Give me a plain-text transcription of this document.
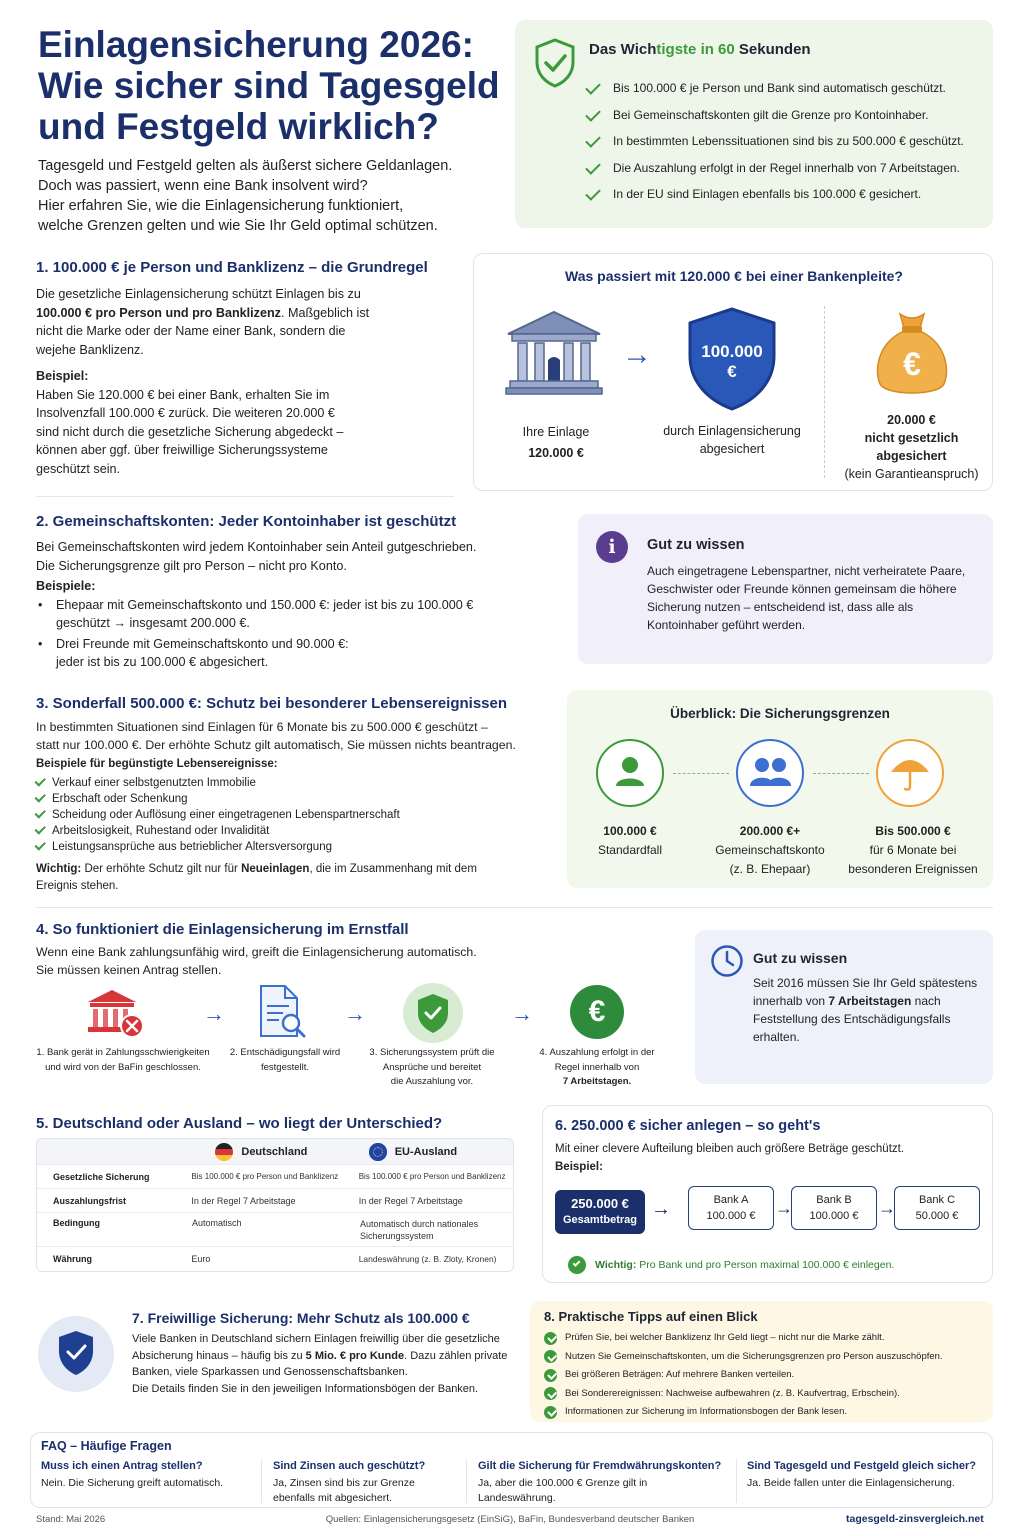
Einlagensicherung 2026:
Wie sicher sind Tagesgeld
und Festgeld wirklich?
Tagesgeld und Festgeld gelten als äußerst sichere Geldanlagen.
Doch was passiert, wenn eine Bank insolvent wird?
Hier erfahren Sie, wie die Einlagensicherung funktioniert,
welche Grenzen gelten und wie Sie Ihr Geld optimal schützen.
Das Wichtigste in 60 Sekunden
Bis 100.000 € je Person und Bank sind automatisch geschützt.
Bei Gemeinschaftskonten gilt die Grenze pro Kontoinhaber.
In bestimmten Lebenssituationen sind bis zu 500.000 € geschützt.
Die Auszahlung erfolgt in der Regel innerhalb von 7 Arbeitstagen.
In der EU sind Einlagen ebenfalls bis 100.000 € gesichert.
1. 100.000 € je Person und Banklizenz – die Grundregel
Die gesetzliche Einlagensicherung schützt Einlagen bis zu
100.000 € pro Person und pro Banklizenz. Maßgeblich ist
nicht die Marke oder der Name einer Bank, sondern die
wejehe Banklizenz.
Beispiel:
Haben Sie 120.000 € bei einer Bank, erhalten Sie im
Insolvenzfall 100.000 € zurück. Die weiteren 20.000 €
sind nicht durch die gesetzliche Sicherung abgedeckt –
können aber ggf. über freiwillige Sicherungssysteme
geschützt sein.
Was passiert mit 120.000 € bei einer Bankenpleite?
→	100.000
€	€
Ihre Einlage
120.000 €
durch Einlagensicherung
abgesichert
20.000 €
nicht gesetzlich
abgesichert
(kein Garantieanspruch)
2. Gemeinschaftskonten: Jeder Kontoinhaber ist geschützt
Bei Gemeinschaftskonten wird jedem Kontoinhaber sein Anteil gutgeschrieben.
Die Sicherungsgrenze gilt pro Person – nicht pro Konto.
Beispiele:
• Ehepaar mit Gemeinschaftskonto und 150.000 €: jeder ist bis zu 100.000 €
geschützt → insgesamt 200.000 €.
• Drei Freunde mit Gemeinschaftskonto und 90.000 €:
jeder ist bis zu 100.000 € abgesichert.
i	Gut zu wissen
Auch eingetragene Lebenspartner, nicht verheiratete Paare,
Geschwister oder Freunde können gemeinsam die höhere
Sicherung nutzen – entscheidend ist, dass alle als
Kontoinhaber geführt werden.
3. Sonderfall 500.000 €: Schutz bei besonderer Lebensereignissen
In bestimmten Situationen sind Einlagen für 6 Monate bis zu 500.000 € geschützt –
statt nur 100.000 €. Der erhöhte Schutz gilt automatisch, Sie müssen nichts beantragen.
Beispiele für begünstigte Lebensereignisse:
Verkauf einer selbstgenutzten Immobilie
Erbschaft oder Schenkung
Scheidung oder Auflösung einer eingetragenen Lebenspartnerschaft
Arbeitslosigkeit, Ruhestand oder Invalidität
Leistungsansprüche aus betrieblicher Altersversorgung
Wichtig: Der erhöhte Schutz gilt nur für Neueinlagen, die im Zusammenhang mit dem
Ereignis stehen.
Überblick: Die Sicherungsgrenzen
100.000 €
Standardfall
200.000 €+
Gemeinschaftskonto
(z. B. Ehepaar)
Bis 500.000 €
für 6 Monate bei
besonderen Ereignissen
4. So funktioniert die Einlagensicherung im Ernstfall
Wenn eine Bank zahlungsunfähig wird, greift die Einlagensicherung automatisch.
Sie müssen keinen Antrag stellen.
→	→	→	€
1. Bank gerät in Zahlungsschwierigkeiten
und wird von der BaFin geschlossen.
2. Entschädigungsfall wird
festgestellt.
3. Sicherungssystem prüft die
Ansprüche und bereitet
die Auszahlung vor.
4. Auszahlung erfolgt in der
Regel innerhalb von
7 Arbeitstagen.
Gut zu wissen
Seit 2016 müssen Sie Ihr Geld spätestens
innerhalb von 7 Arbeitstagen nach
Feststellung des Entschädigungsfalls
erhalten.
5. Deutschland oder Ausland – wo liegt der Unterschied?
Deutschland	EU-Ausland
Gesetzliche Sicherung	Bis 100.000 € pro Person und Banklizenz	Bis 100.000 € pro Person und Banklizenz
Auszahlungsfrist	In der Regel 7 Arbeitstage	In der Regel 7 Arbeitstage
Bedingung	Automatisch	Automatisch durch nationales Sicherungssystem
Währung	Euro	Landeswährung (z. B. Zloty, Kronen)
6. 250.000 € sicher anlegen – so geht's
Mit einer clevere Aufteilung bleiben auch größere Beträge geschützt.
Beispiel:
250.000 €
Gesamtbetrag →	Bank A
100.000 €	→	Bank B
100.000 €	→	Bank C
50.000 €
Wichtig: Pro Bank und pro Person maximal 100.000 € einlegen.
7. Freiwillige Sicherung: Mehr Schutz als 100.000 €
Viele Banken in Deutschland sichern Einlagen freiwillig über die gesetzliche
Absicherung hinaus – häufig bis zu 5 Mio. € pro Kunde. Dazu zählen private
Banken, viele Sparkassen und Genossenschaftsbanken.
Die Details finden Sie in den jeweiligen Informationsbögen der Banken.
8. Praktische Tipps auf einen Blick
Prüfen Sie, bei welcher Banklizenz Ihr Geld liegt – nicht nur die Marke zählt.
Nutzen Sie Gemeinschaftskonten, um die Sicherungsgrenzen pro Person auszuschöpfen.
Bei größeren Beträgen: Auf mehrere Banken verteilen.
Bei Sonderereignissen: Nachweise aufbewahren (z. B. Kaufvertrag, Erbschein).
Informationen zur Sicherung im Informationsbogen der Bank lesen.
FAQ – Häufige Fragen
Muss ich einen Antrag stellen?
Nein. Die Sicherung greift automatisch.
Sind Zinsen auch geschützt?
Ja, Zinsen sind bis zur Grenze
ebenfalls mit abgesichert.
Gilt die Sicherung für Fremdwährungskonten?
Ja, aber die 100.000 € Grenze gilt in
Landeswährung.
Sind Tagesgeld und Festgeld gleich sicher?
Ja. Beide fallen unter die Einlagensicherung.
Stand: Mai 2026	Quellen: Einlagensicherungsgesetz (EinSiG), BaFin, Bundesverband deutscher Banken	tagesgeld-zinsvergleich.net
